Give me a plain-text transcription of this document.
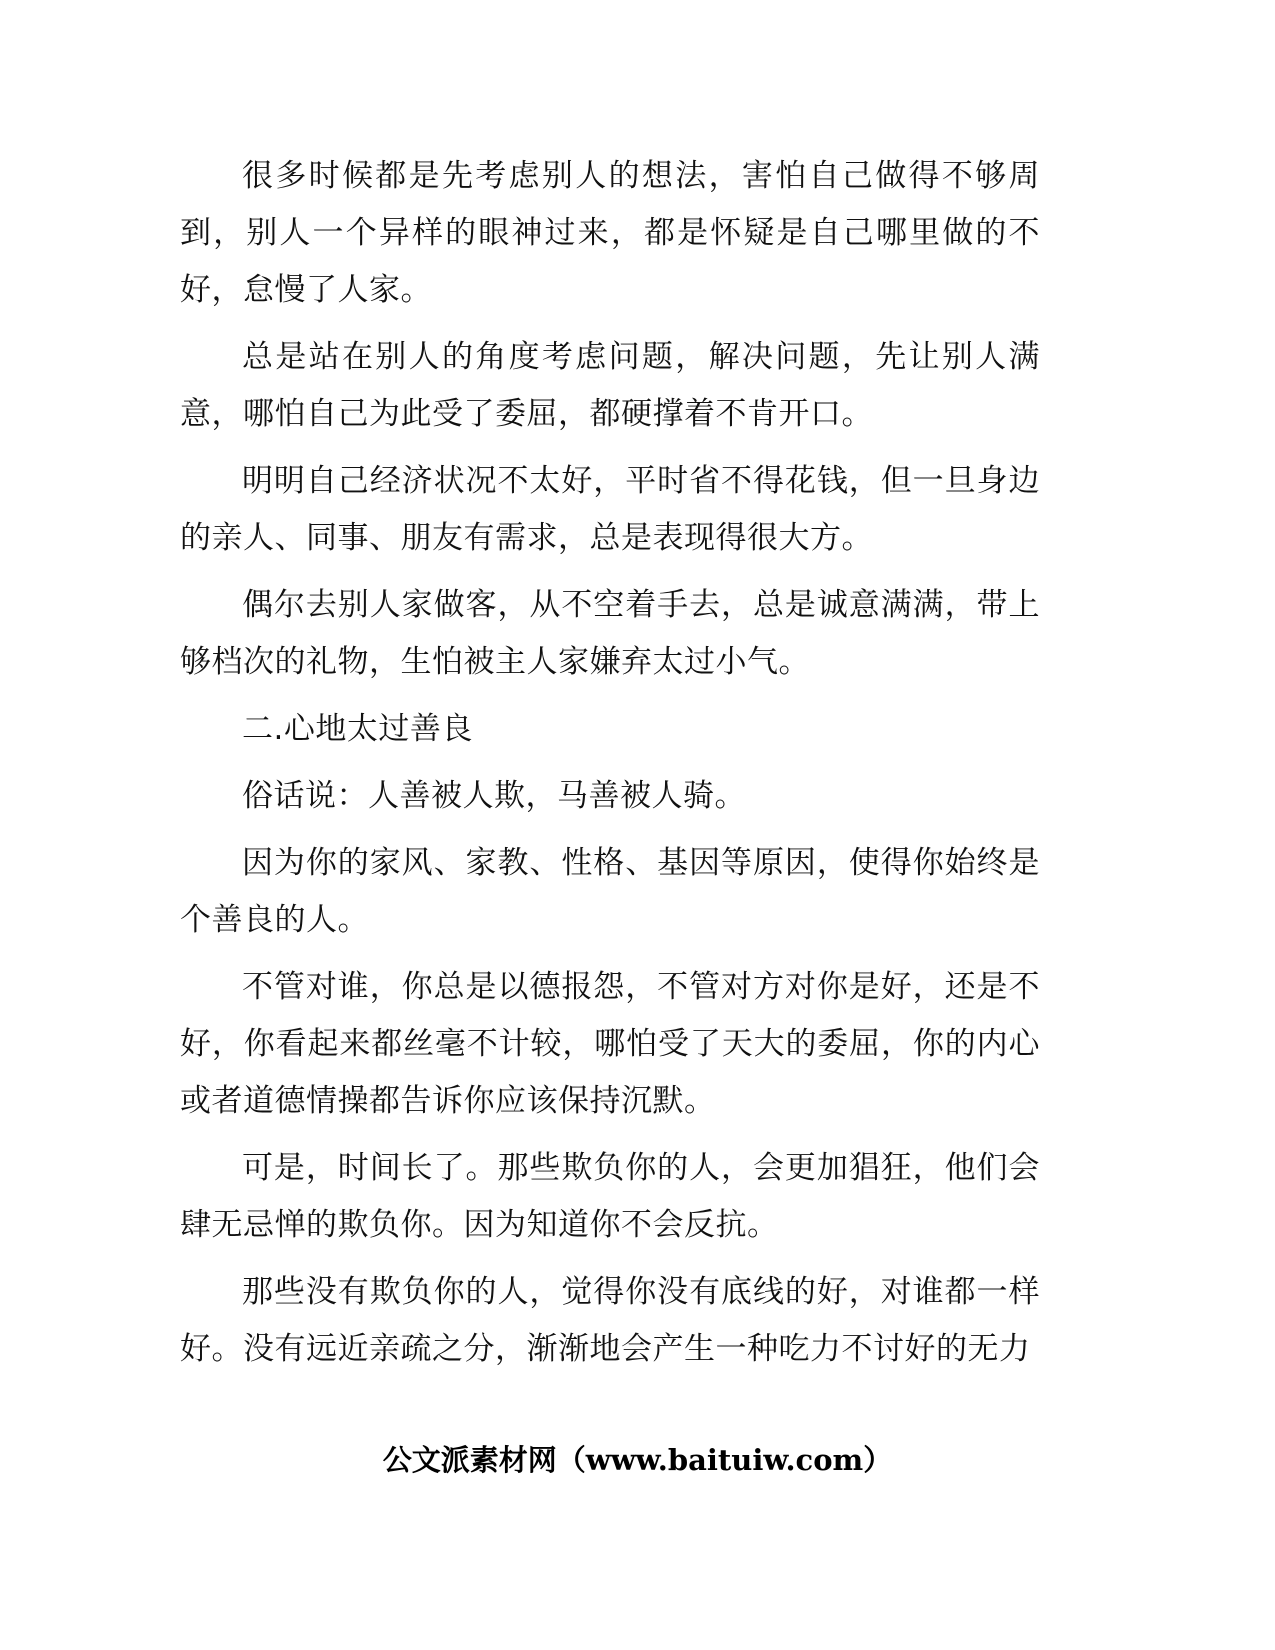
很多时候都是先考虑别人的想法，害怕自己做得不够周到，别人一个异样的眼神过来，都是怀疑是自己哪里做的不好，怠慢了人家。

总是站在别人的角度考虑问题，解决问题，先让别人满意，哪怕自己为此受了委屈，都硬撑着不肯开口。

明明自己经济状况不太好，平时省不得花钱，但一旦身边的亲人、同事、朋友有需求，总是表现得很大方。

偶尔去别人家做客，从不空着手去，总是诚意满满，带上够档次的礼物，生怕被主人家嫌弃太过小气。

二.心地太过善良

俗话说：人善被人欺，马善被人骑。

因为你的家风、家教、性格、基因等原因，使得你始终是个善良的人。

不管对谁，你总是以德报怨，不管对方对你是好，还是不好，你看起来都丝毫不计较，哪怕受了天大的委屈，你的内心或者道德情操都告诉你应该保持沉默。

可是，时间长了。那些欺负你的人，会更加猖狂，他们会肆无忌惮的欺负你。因为知道你不会反抗。

那些没有欺负你的人，觉得你没有底线的好，对谁都一样好。没有远近亲疏之分，渐渐地会产生一种吃力不讨好的无力

公文派素材网（www.baituiw.com）
